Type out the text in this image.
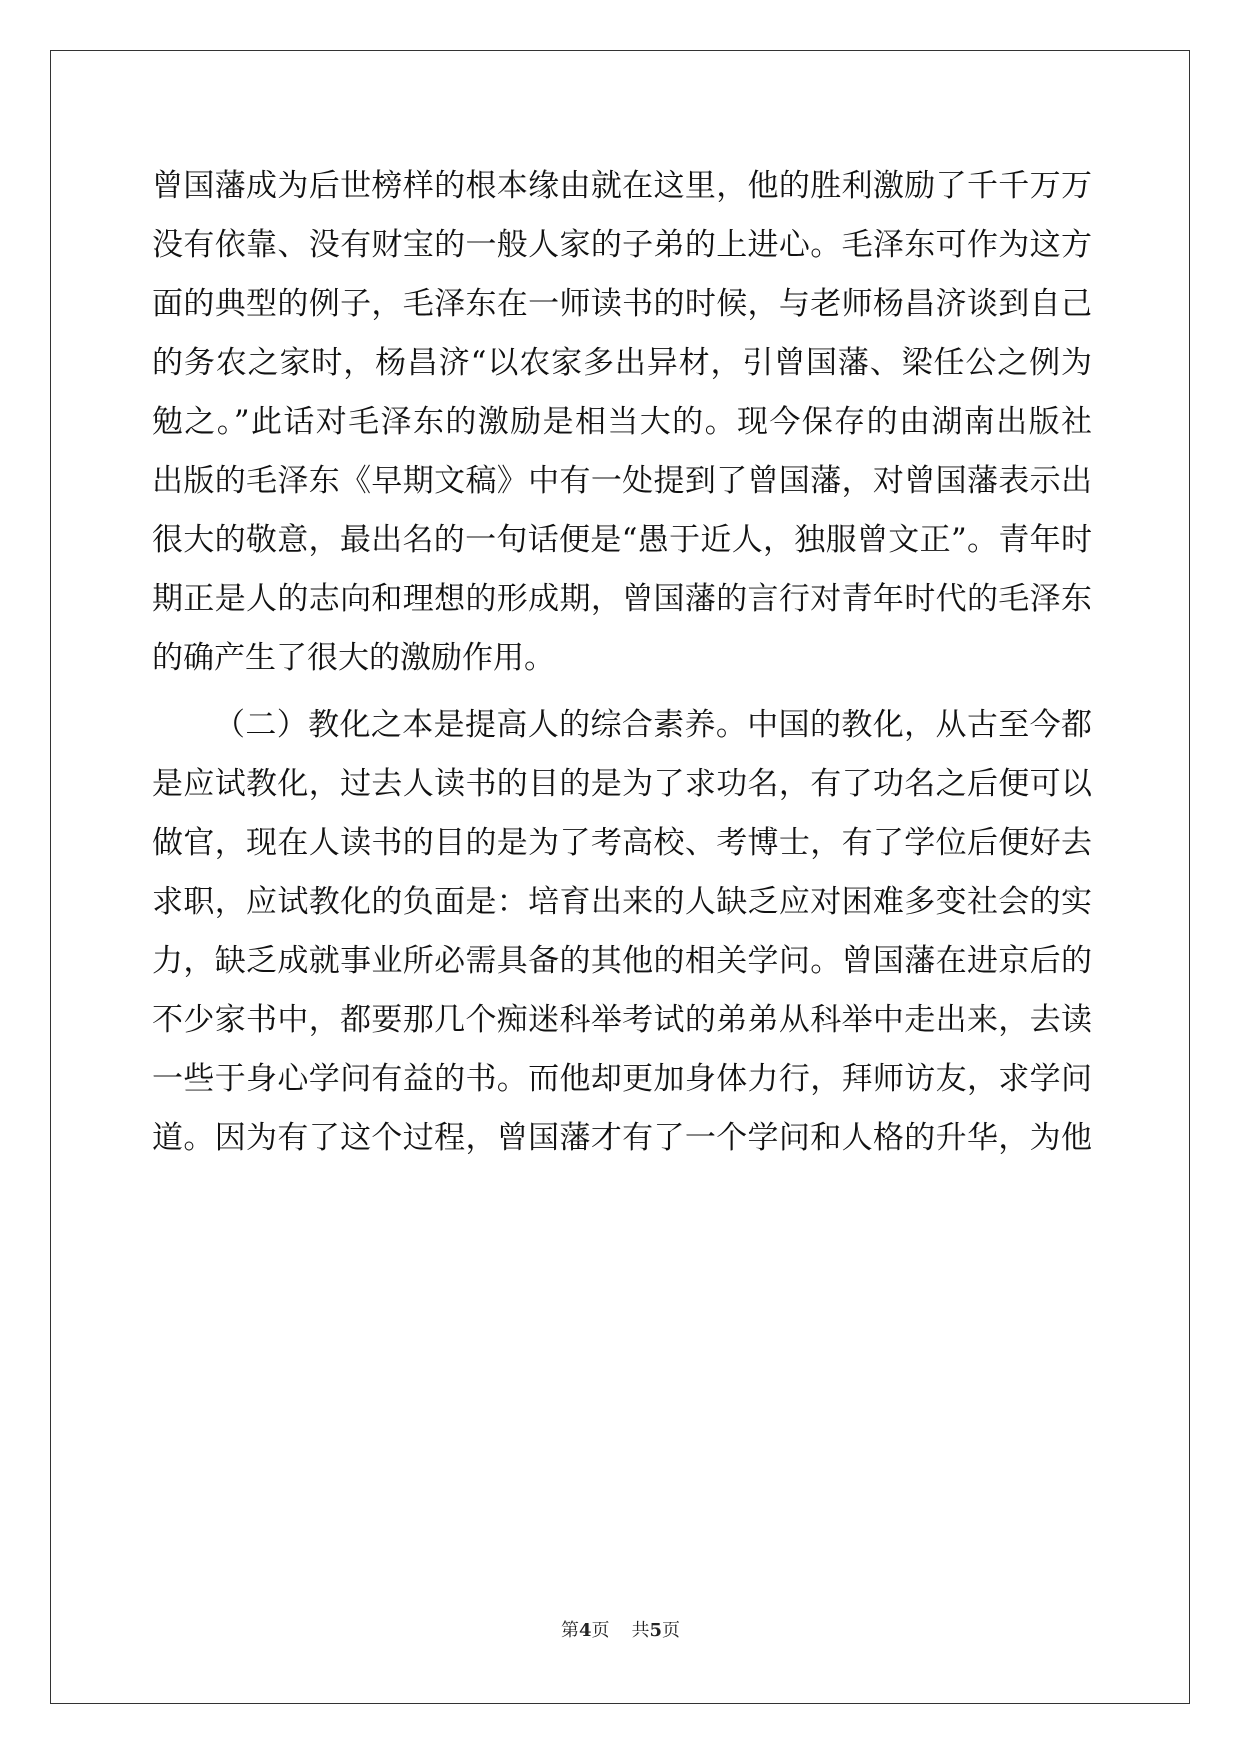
曾国藩成为后世榜样的根本缘由就在这里，他的胜利激励了千千万万
没有依靠、没有财宝的一般人家的子弟的上进心。毛泽东可作为这方
面的典型的例子，毛泽东在一师读书的时候，与老师杨昌济谈到自己
的务农之家时，杨昌济“以农家多出异材，引曾国藩、梁任公之例为
勉之。”此话对毛泽东的激励是相当大的。现今保存的由湖南出版社
出版的毛泽东《早期文稿》中有一处提到了曾国藩，对曾国藩表示出
很大的敬意，最出名的一句话便是“愚于近人，独服曾文正”。青年时
期正是人的志向和理想的形成期，曾国藩的言行对青年时代的毛泽东
的确产生了很大的激励作用。
（二）教化之本是提高人的综合素养。中国的教化，从古至今都
是应试教化，过去人读书的目的是为了求功名，有了功名之后便可以
做官，现在人读书的目的是为了考高校、考博士，有了学位后便好去
求职，应试教化的负面是：培育出来的人缺乏应对困难多变社会的实
力，缺乏成就事业所必需具备的其他的相关学问。曾国藩在进京后的
不少家书中，都要那几个痴迷科举考试的弟弟从科举中走出来，去读
一些于身心学问有益的书。而他却更加身体力行，拜师访友，求学问
道。因为有了这个过程，曾国藩才有了一个学问和人格的升华，为他
第4页 共5页
